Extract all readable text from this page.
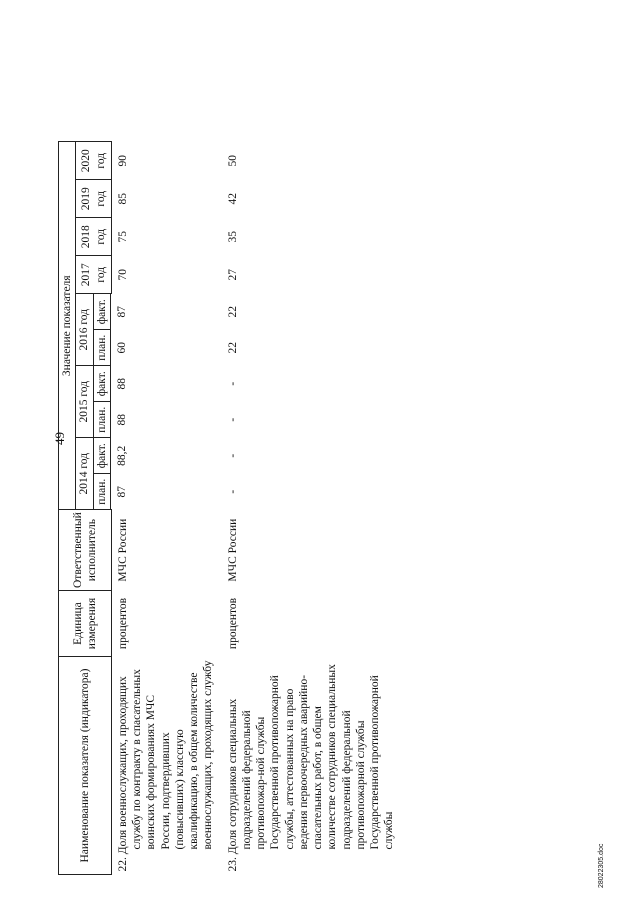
49
Наименование показателя (индикатора)	Единица измерения	Ответственный исполнитель	Значение показателя									
			2014 год		2015 год		2016 год		2017 год	2018 год	2019 год	2020 год
			план.	факт.	план.	факт.	план.	факт.				

22. Доля военнослужащих, проходящих службу по контракту в спасательных воинских формированиях МЧС России, подтвердивших (повысивших) классную квалификацию, в общем количестве военнослужащих, проходящих службу	процентов	МЧС России	87	88,2	88	88	60	87	70	75	85	90

23. Доля сотрудников специальных подразделений федеральной противопожар-ной службы Государственной противопожарной службы, аттестованных на право ведения первоочередных аварийно-спасательных работ, в общем количестве сотрудников специальных подразделений федеральной противопожарной службы Государственной противопожарной службы	процентов	МЧС России	-	-	-	-	22	22	27	35	42	50
28022305.doc
